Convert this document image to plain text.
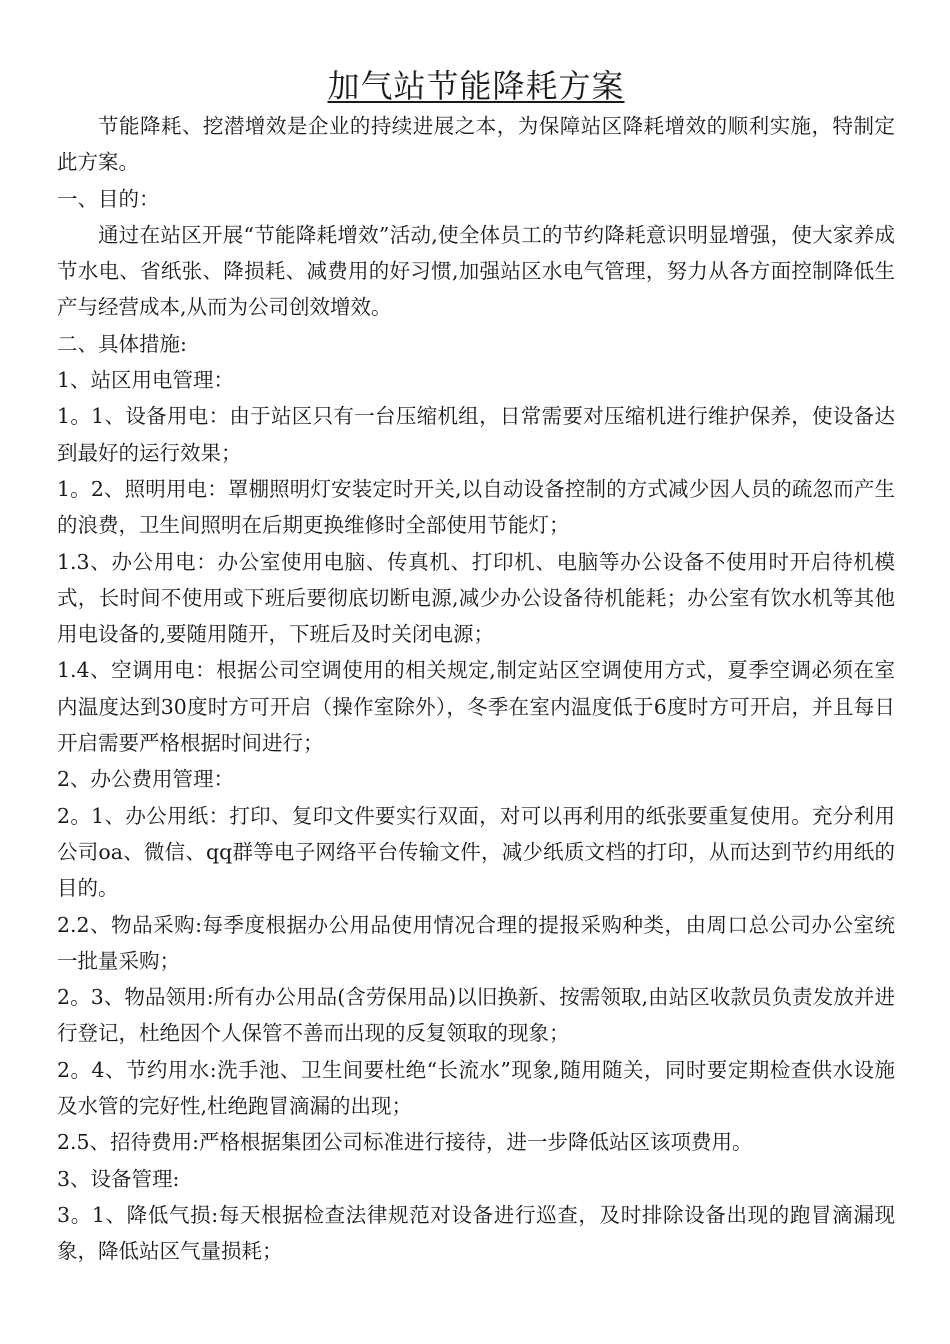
加气站节能降耗方案

节能降耗、挖潜增效是企业的持续进展之本，为保障站区降耗增效的顺利实施，特制定此方案。

一、目的：

通过在站区开展“节能降耗增效”活动,使全体员工的节约降耗意识明显增强，使大家养成节水电、省纸张、降损耗、减费用的好习惯,加强站区水电气管理，努力从各方面控制降低生产与经营成本,从而为公司创效增效。

二、具体措施:

1、站区用电管理：

1。1、设备用电：由于站区只有一台压缩机组，日常需要对压缩机进行维护保养，使设备达到最好的运行效果；

1。2、照明用电：罩棚照明灯安装定时开关,以自动设备控制的方式减少因人员的疏忽而产生的浪费，卫生间照明在后期更换维修时全部使用节能灯；

1.3、办公用电：办公室使用电脑、传真机、打印机、电脑等办公设备不使用时开启待机模式，长时间不使用或下班后要彻底切断电源,减少办公设备待机能耗；办公室有饮水机等其他用电设备的,要随用随开，下班后及时关闭电源；

1.4、空调用电：根据公司空调使用的相关规定,制定站区空调使用方式，夏季空调必须在室内温度达到30度时方可开启（操作室除外），冬季在室内温度低于6度时方可开启，并且每日开启需要严格根据时间进行；

2、办公费用管理：

2。1、办公用纸：打印、复印文件要实行双面，对可以再利用的纸张要重复使用。充分利用公司oa、微信、qq群等电子网络平台传输文件，减少纸质文档的打印，从而达到节约用纸的目的。

2.2、物品采购:每季度根据办公用品使用情况合理的提报采购种类，由周口总公司办公室统一批量采购；

2。3、物品领用:所有办公用品(含劳保用品)以旧换新、按需领取,由站区收款员负责发放并进行登记，杜绝因个人保管不善而出现的反复领取的现象；

2。4、节约用水:洗手池、卫生间要杜绝“长流水”现象,随用随关，同时要定期检查供水设施及水管的完好性,杜绝跑冒滴漏的出现；

2.5、招待费用:严格根据集团公司标准进行接待，进一步降低站区该项费用。

3、设备管理:

3。1、降低气损:每天根据检查法律规范对设备进行巡查，及时排除设备出现的跑冒滴漏现象，降低站区气量损耗；
